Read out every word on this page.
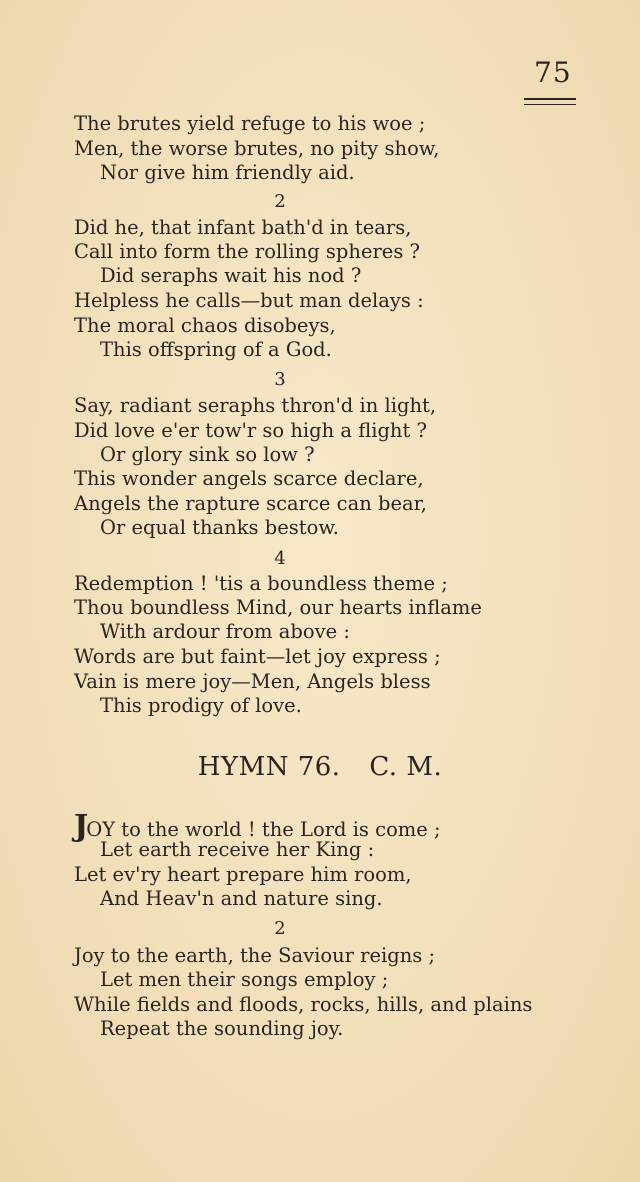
75
The brutes yield refuge to his woe ;
Men, the worse brutes, no pity show,
Nor give him friendly aid.
2
Did he, that infant bath'd in tears,
Call into form the rolling spheres ?
Did seraphs wait his nod ?
Helpless he calls—but man delays :
The moral chaos disobeys,
This offspring of a God.
3
Say, radiant seraphs thron'd in light,
Did love e'er tow'r so high a flight ?
Or glory sink so low ?
This wonder angels scarce declare,
Angels the rapture scarce can bear,
Or equal thanks bestow.
4
Redemption ! 'tis a boundless theme ;
Thou boundless Mind, our hearts inflame
With ardour from above :
Words are but faint—let joy express ;
Vain is mere joy—Men, Angels bless
This prodigy of love.
HYMN 76. C. M.
JOY to the world ! the Lord is come ;
Let earth receive her King :
Let ev'ry heart prepare him room,
And Heav'n and nature sing.
2
Joy to the earth, the Saviour reigns ;
Let men their songs employ ;
While fields and floods, rocks, hills, and plains
Repeat the sounding joy.
